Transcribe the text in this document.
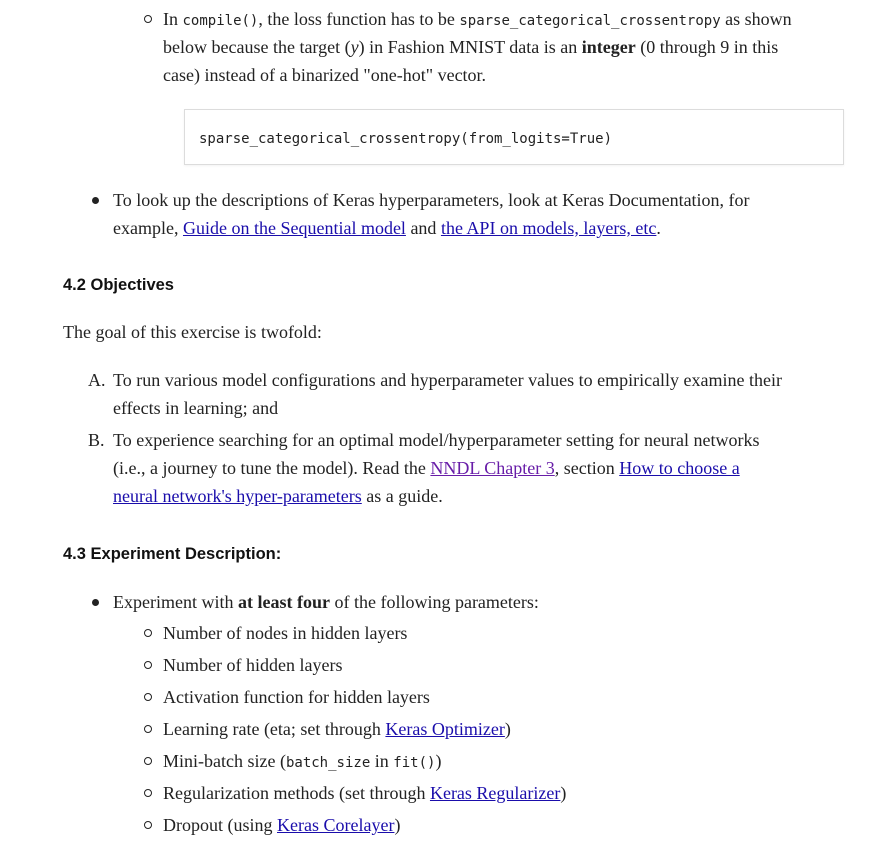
In compile(), the loss function has to be sparse_categorical_crossentropy as shown
below because the target (y) in Fashion MNIST data is an integer (0 through 9 in this
case) instead of a binarized "one-hot" vector.
sparse_categorical_crossentropy(from_logits=True)
To look up the descriptions of Keras hyperparameters, look at Keras Documentation, for
example, Guide on the Sequential model and the API on models, layers, etc.
4.2 Objectives
The goal of this exercise is twofold:
A. To run various model configurations and hyperparameter values to empirically examine their
effects in learning; and
B. To experience searching for an optimal model/hyperparameter setting for neural networks
(i.e., a journey to tune the model). Read the NNDL Chapter 3, section How to choose a
neural network's hyper-parameters as a guide.
4.3 Experiment Description:
Experiment with at least four of the following parameters:
Number of nodes in hidden layers
Number of hidden layers
Activation function for hidden layers
Learning rate (eta; set through Keras Optimizer)
Mini-batch size (batch_size in fit())
Regularization methods (set through Keras Regularizer)
Dropout (using Keras Corelayer)
